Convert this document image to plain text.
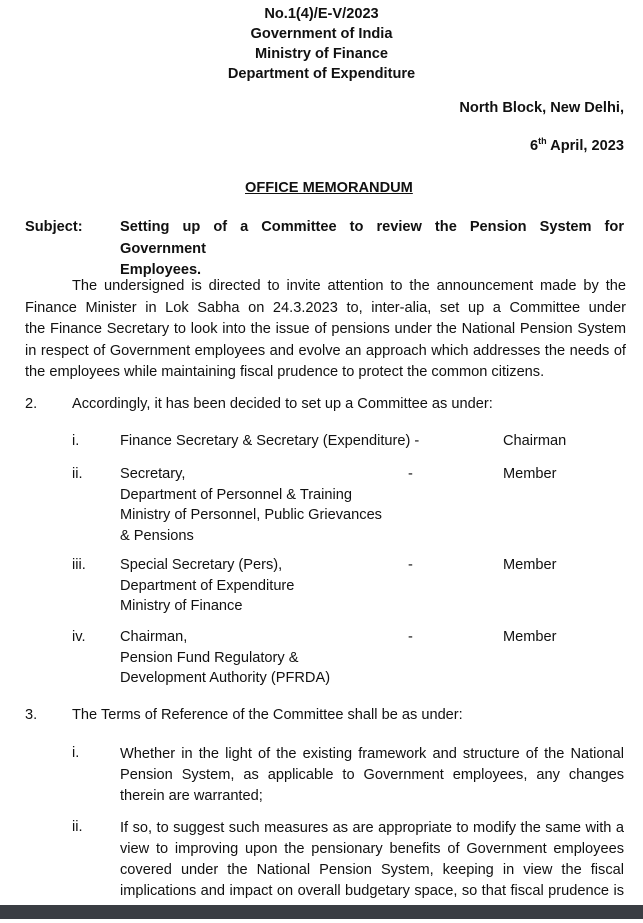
No.1(4)/E-V/2023
Government of India
Ministry of Finance
Department of Expenditure
North Block, New Delhi,
6th April, 2023
OFFICE MEMORANDUM
Subject:	Setting up of a Committee to review the Pension System for Government
Employees.
The undersigned is directed to invite attention to the announcement made by the
Finance Minister in Lok Sabha on 24.3.2023 to, inter-alia, set up a Committee under
the Finance Secretary to look into the issue of pensions under the National Pension System
in respect of Government employees and evolve an approach which addresses the needs of
the employees while maintaining fiscal prudence to protect the common citizens.
2. Accordingly, it has been decided to set up a Committee as under:
i.	Finance Secretary & Secretary (Expenditure) -	Chairman
ii.	Secretary,
Department of Personnel & Training
Ministry of Personnel, Public Grievances
& Pensions
-	Member
iii. Special Secretary (Pers),
Department of Expenditure
Ministry of Finance
-	Member
iv. Chairman,
Pension Fund Regulatory &
Development Authority (PFRDA)
-	Member
3. The Terms of Reference of the Committee shall be as under:
i.	Whether in the light of the existing framework and structure of the National
Pension System, as applicable to Government employees, any changes
therein are warranted;
ii.	If so, to suggest such measures as are appropriate to modify the same with a
view to improving upon the pensionary benefits of Government employees
covered under the National Pension System, keeping in view the fiscal
implications and impact on overall budgetary space, so that fiscal prudence is
